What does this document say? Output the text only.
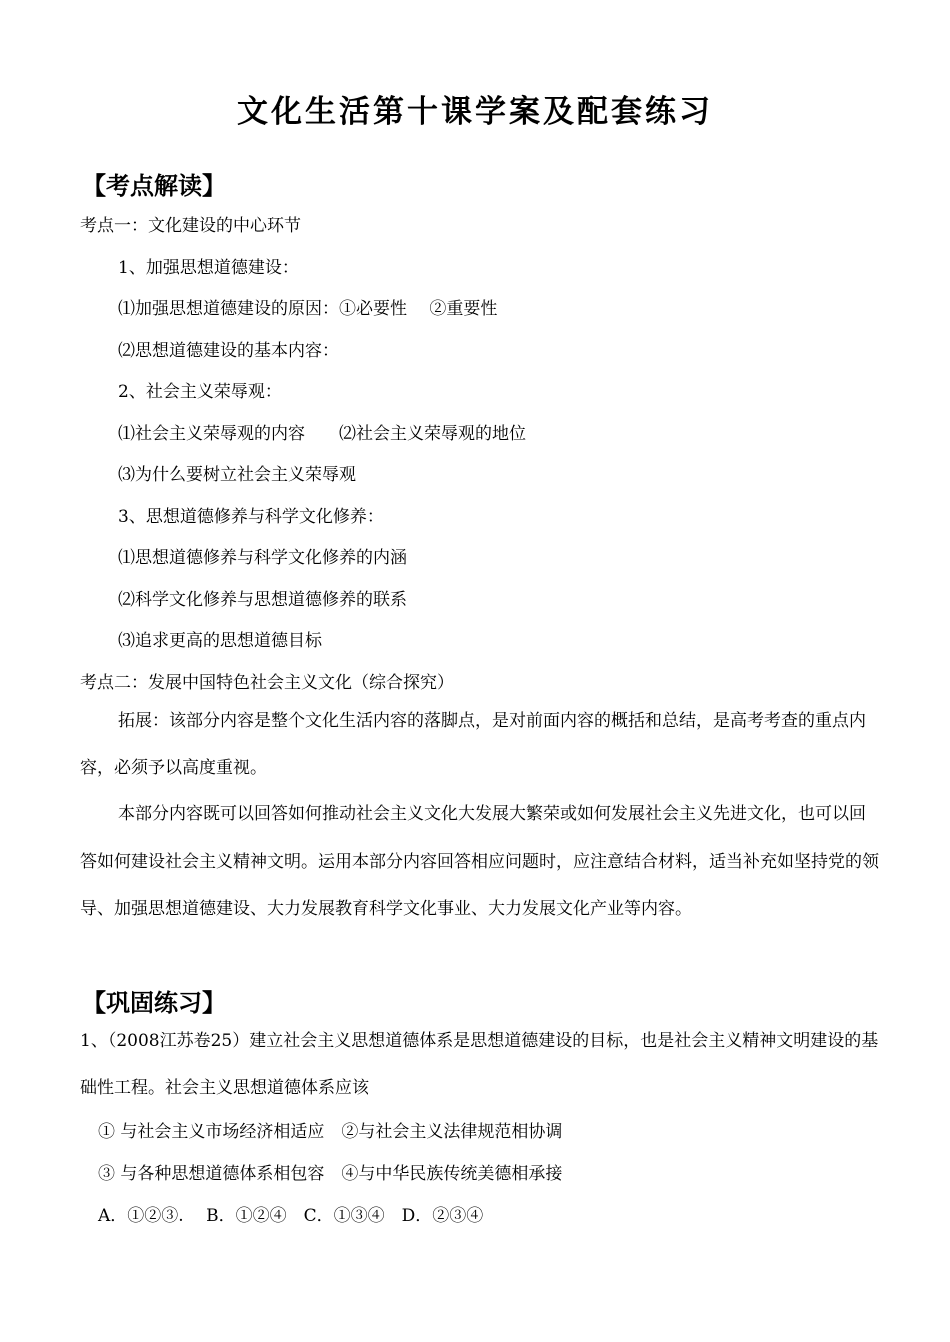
文化生活第十课学案及配套练习
【考点解读】
考点一：文化建设的中心环节
1、加强思想道德建设：
⑴加强思想道德建设的原因：①必要性　 ②重要性
⑵思想道德建设的基本内容：
2、社会主义荣辱观：
⑴社会主义荣辱观的内容　　⑵社会主义荣辱观的地位
⑶为什么要树立社会主义荣辱观
3、思想道德修养与科学文化修养：
⑴思想道德修养与科学文化修养的内涵
⑵科学文化修养与思想道德修养的联系
⑶追求更高的思想道德目标
考点二：发展中国特色社会主义文化（综合探究）
拓展：该部分内容是整个文化生活内容的落脚点，是对前面内容的概括和总结，是高考考查的重点内容，必须予以高度重视。
本部分内容既可以回答如何推动社会主义文化大发展大繁荣或如何发展社会主义先进文化，也可以回答如何建设社会主义精神文明。运用本部分内容回答相应问题时，应注意结合材料，适当补充如坚持党的领导、加强思想道德建设、大力发展教育科学文化事业、大力发展文化产业等内容。
【巩固练习】
1、（2008江苏卷25）建立社会主义思想道德体系是思想道德建设的目标，也是社会主义精神文明建设的基础性工程。社会主义思想道德体系应该
① 与社会主义市场经济相适应　②与社会主义法律规范相协调
③ 与各种思想道德体系相包容　④与中华民族传统美德相承接
A．①②③.　 B．①②④　C．①③④　D．②③④
